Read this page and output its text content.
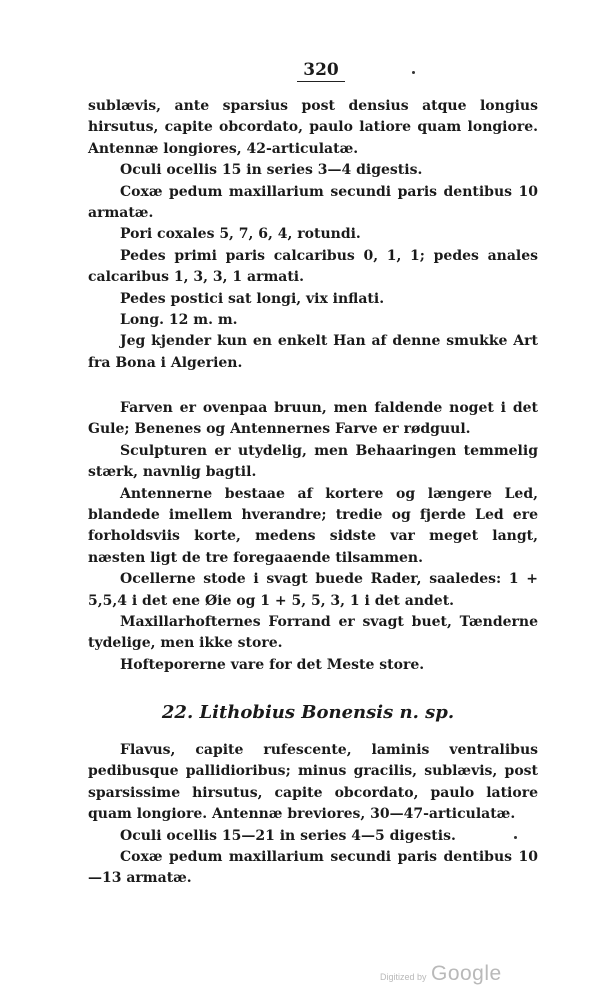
320

sublævis, ante sparsius post densius atque longius hirsutus, capite obcordato, paulo latiore quam longiore. Antennæ longiores, 42-articulatæ.

Oculi ocellis 15 in series 3—4 digestis.

Coxæ pedum maxillarium secundi paris dentibus 10 armatæ.

Pori coxales 5, 7, 6, 4, rotundi.

Pedes primi paris calcaribus 0, 1, 1; pedes anales calcaribus 1, 3, 3, 1 armati.

Pedes postici sat longi, vix inflati.

Long. 12 m. m.

Jeg kjender kun en enkelt Han af denne smukke Art fra Bona i Algerien.

Farven er ovenpaa bruun, men faldende noget i det Gule; Benenes og Antennernes Farve er rødguul.

Sculpturen er utydelig, men Behaaringen temmelig stærk, navnlig bagtil.

Antennerne bestaae af kortere og længere Led, blandede imellem hverandre; tredie og fjerde Led ere forholdsviis korte, medens sidste var meget langt, næsten ligt de tre foregaaende tilsammen.

Ocellerne stode i svagt buede Rader, saaledes: 1 + 5,5,4 i det ene Øie og 1 + 5, 5, 3, 1 i det andet.

Maxillarhofternes Forrand er svagt buet, Tænderne tydelige, men ikke store.

Hofteporerne vare for det Meste store.

22. Lithobius Bonensis n. sp.

Flavus, capite rufescente, laminis ventralibus pedibusque pallidioribus; minus gracilis, sublævis, post sparsissime hirsutus, capite obcordato, paulo latiore quam longiore. Antennæ breviores, 30—47-articulatæ.

Oculi ocellis 15—21 in series 4—5 digestis.

Coxæ pedum maxillarium secundi paris dentibus 10—13 armatæ.

Digitized by Google
